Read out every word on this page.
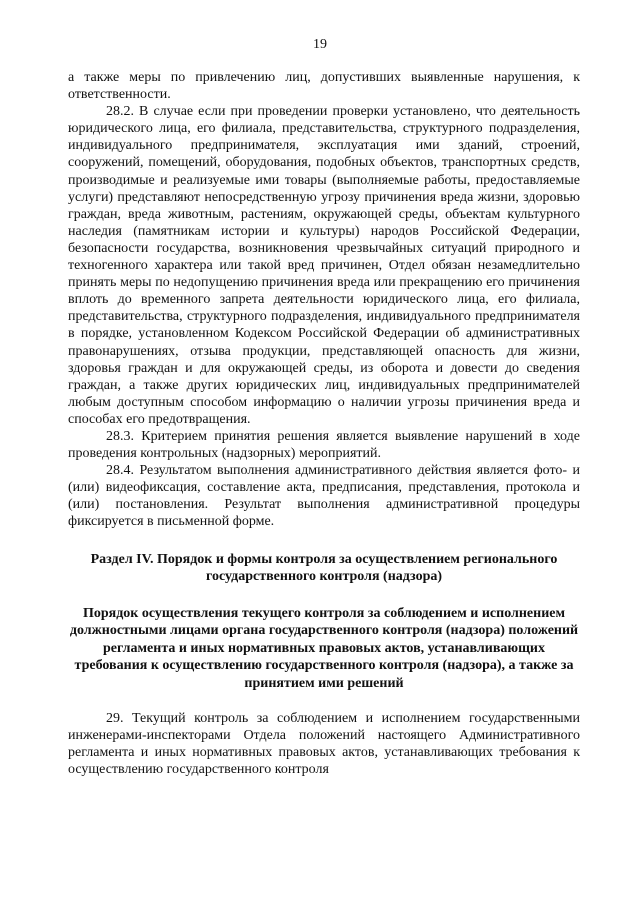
19

а также меры по привлечению лиц, допустивших выявленные нарушения, к ответственности.

28.2. В случае если при проведении проверки установлено, что деятельность юридического лица, его филиала, представительства, структурного подразделения, индивидуального предпринимателя, эксплуатация ими зданий, строений, сооружений, помещений, оборудования, подобных объектов, транспортных средств, производимые и реализуемые ими товары (выполняемые работы, предоставляемые услуги) представляют непосредственную угрозу причинения вреда жизни, здоровью граждан, вреда животным, растениям, окружающей среды, объектам культурного наследия (памятникам истории и культуры) народов Российской Федерации, безопасности государства, возникновения чрезвычайных ситуаций природного и техногенного характера или такой вред причинен, Отдел обязан незамедлительно принять меры по недопущению причинения вреда или прекращению его причинения вплоть до временного запрета деятельности юридического лица, его филиала, представительства, структурного подразделения, индивидуального предпринимателя в порядке, установленном Кодексом Российской Федерации об административных правонарушениях, отзыва продукции, представляющей опасность для жизни, здоровья граждан и для окружающей среды, из оборота и довести до сведения граждан, а также других юридических лиц, индивидуальных предпринимателей любым доступным способом информацию о наличии угрозы причинения вреда и способах его предотвращения.

28.3. Критерием принятия решения является выявление нарушений в ходе проведения контрольных (надзорных) мероприятий.

28.4. Результатом выполнения административного действия является фото- и (или) видеофиксация, составление акта, предписания, представления, протокола и (или) постановления. Результат выполнения административной процедуры фиксируется в письменной форме.

Раздел IV. Порядок и формы контроля за осуществлением регионального государственного контроля (надзора)
Порядок осуществления текущего контроля за соблюдением и исполнением должностными лицами органа государственного контроля (надзора) положений регламента и иных нормативных правовых актов, устанавливающих требования к осуществлению государственного контроля (надзора), а также за принятием ими решений

29. Текущий контроль за соблюдением и исполнением государственными инженерами-инспекторами Отдела положений настоящего Административного регламента и иных нормативных правовых актов, устанавливающих требования к осуществлению государственного контроля
